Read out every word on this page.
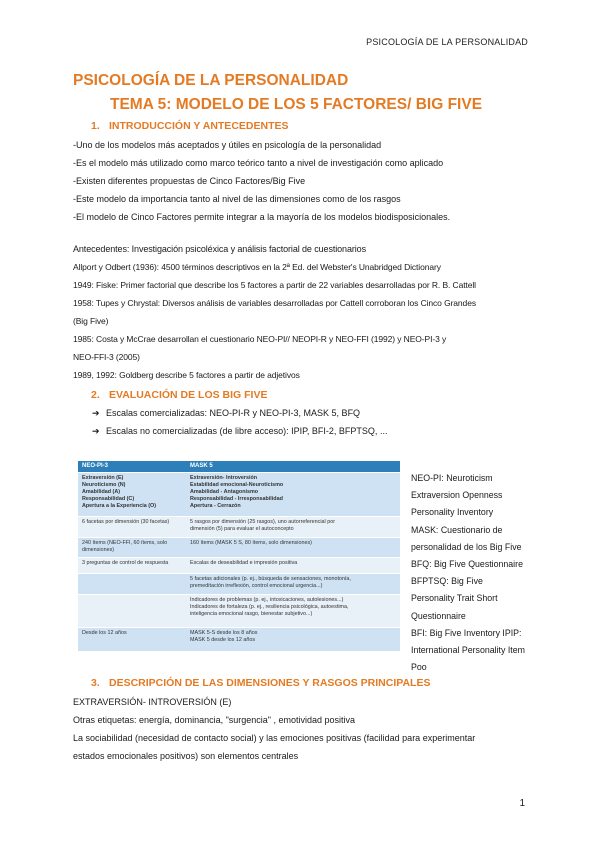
PSICOLOGÍA DE LA PERSONALIDAD
PSICOLOGÍA DE LA PERSONALIDAD
TEMA 5: MODELO DE LOS 5 FACTORES/ BIG FIVE
1. INTRODUCCIÓN Y ANTECEDENTES
-Uno de los modelos más aceptados y útiles en psicología de la personalidad
-Es el modelo más utilizado como marco teórico tanto a nivel de investigación como aplicado
-Existen diferentes propuestas de Cinco Factores/Big Five
-Este modelo da importancia tanto al nivel de las dimensiones como de los rasgos
-El modelo de Cinco Factores permite integrar a la mayoría de los modelos biodisposicionales.
Antecedentes: Investigación psicoléxica y análisis factorial de cuestionarios
Allport y Odbert (1936): 4500 términos descriptivos en la 2ª Ed. del Webster's Unabridged Dictionary
1949: Fiske: Primer factorial que describe los 5 factores a partir de 22 variables desarrolladas por R. B. Cattell
1958: Tupes y Chrystal: Diversos análisis de variables desarrolladas por Cattell corroboran los Cinco Grandes
(Big Five)
1985: Costa y McCrae desarrollan el cuestionario NEO-PI// NEOPI-R y NEO-FFI (1992) y NEO-PI-3 y
NEO-FFI-3 (2005)
1989, 1992: Goldberg describe 5 factores a partir de adjetivos
2. EVALUACIÓN DE LOS BIG FIVE
➔ Escalas comercializadas: NEO-PI-R y NEO-PI-3, MASK 5, BFQ
➔ Escalas no comercializadas (de libre acceso): IPIP, BFI-2, BFPTSQ, ...
NEO-PI-3	MASK 5

Extraversión (E)
Neuroticismo (N)
Amabilidad (A)
Responsabilidad (C)
Apertura a la Experiencia (O)	Extraversión- Introversión
Estabilidad emocional-Neuroticismo
Amabilidad - Antagonismo
Responsabilidad - Irresponsabilidad
Apertura - Cerrazón

6 facetas por dimensión (30 facetas)	5 rasgos por dimensión (25 rasgos), uno autorreferencial por
dimensión (5) para evaluar el autoconcepto

240 ítems (NEO-FFI, 60 ítems, solo
dimensiones)	160 ítems (MASK 5 S, 80 ítems, solo dimensiones)

3 preguntas de control de respuesta	Escalas de deseabilidad e impresión positiva

	5 facetas adicionales (p. ej., búsqueda de sensaciones, monotonía,
premeditación irreflexión, control emocional urgencia...)

	Indicadores de problemas (p. ej., intoxicaciones, autolesiones...)
Indicadores de fortaleza (p. ej., resiliencia psicológica, autoestima,
inteligencia emocional rasgo, bienestar subjetivo...)

Desde los 12 años	MASK 5-S desde los 8 años
MASK 5 desde los 12 años
NEO-PI: Neuroticism
Extraversion Openness
Personality Inventory
MASK: Cuestionario de
personalidad de los Big Five
BFQ: Big Five Questionnaire
BFPTSQ: Big Five
Personality Trait Short
Questionnaire
BFI: Big Five Inventory IPIP:
International Personality Item
Poo
3. DESCRIPCIÓN DE LAS DIMENSIONES Y RASGOS PRINCIPALES
EXTRAVERSIÓN- INTROVERSIÓN (E)
Otras etiquetas: energía, dominancia, "surgencia" , emotividad positiva
La sociabilidad (necesidad de contacto social) y las emociones positivas (facilidad para experimentar
estados emocionales positivos) son elementos centrales
1
